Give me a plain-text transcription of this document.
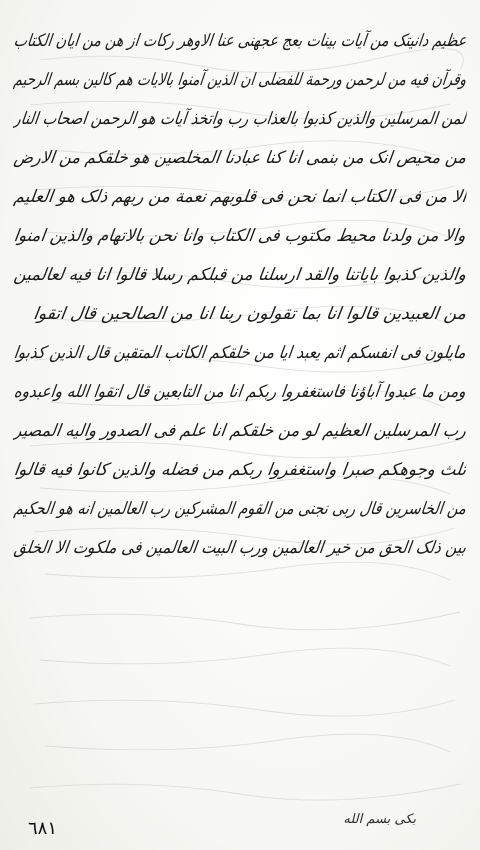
عظیم دانیتک من آیات بینات بعج عجهنی عنا الاوهر رکات از هن من ایان الکتاب
وقرآن فیه من لرحمن ورحمة للفضلی ان الذین آمنوا بالایات هم کالین بسم الرحیم
لمن المرسلین والذین کذبوا بالعذاب رب واتخذ آیات هو الرحمن اصحاب النار
من محیص انک من بنمی انا کنا عبادنا المخلصین هو خلقکم من الارض
الا من فی الکتاب انما نحن فی قلوبهم نعمة من ربهم ذلک هو العلیم
والا من ولدنا محیط مکتوب فی الکتاب وانا نحن بالاتهام والذین امنوا
والذین کذبوا بایاتنا والقد ارسلنا من قبلکم رسلا قالوا انا فیه لعالمین
من العبیدین قالوا انا بما تقولون ربنا انا من الصالحین قال اتقوا
مایلون فی انفسکم اثم یعبد ایا من خلقکم الکاتب المتقین قال الذین کذبوا
ومن ما عبدوا آباؤنا فاستغفروا ربکم انا من التابعین قال اتقوا الله واعبدوه
رب المرسلین العظیم لو من خلقکم انا علم فی الصدور والیه المصیر
ثلث وجوهکم صبرا واستغفروا ربکم من فضله والذین کانوا فیه قالوا
من الخاسرین قال ربی نجنی من القوم المشرکین رب العالمین انه هو الحکیم
بین ذلک الحق من خیر العالمین ورب البیت العالمین فی ملکوت الا الخلق
بکی بسم الله
٦٨١
